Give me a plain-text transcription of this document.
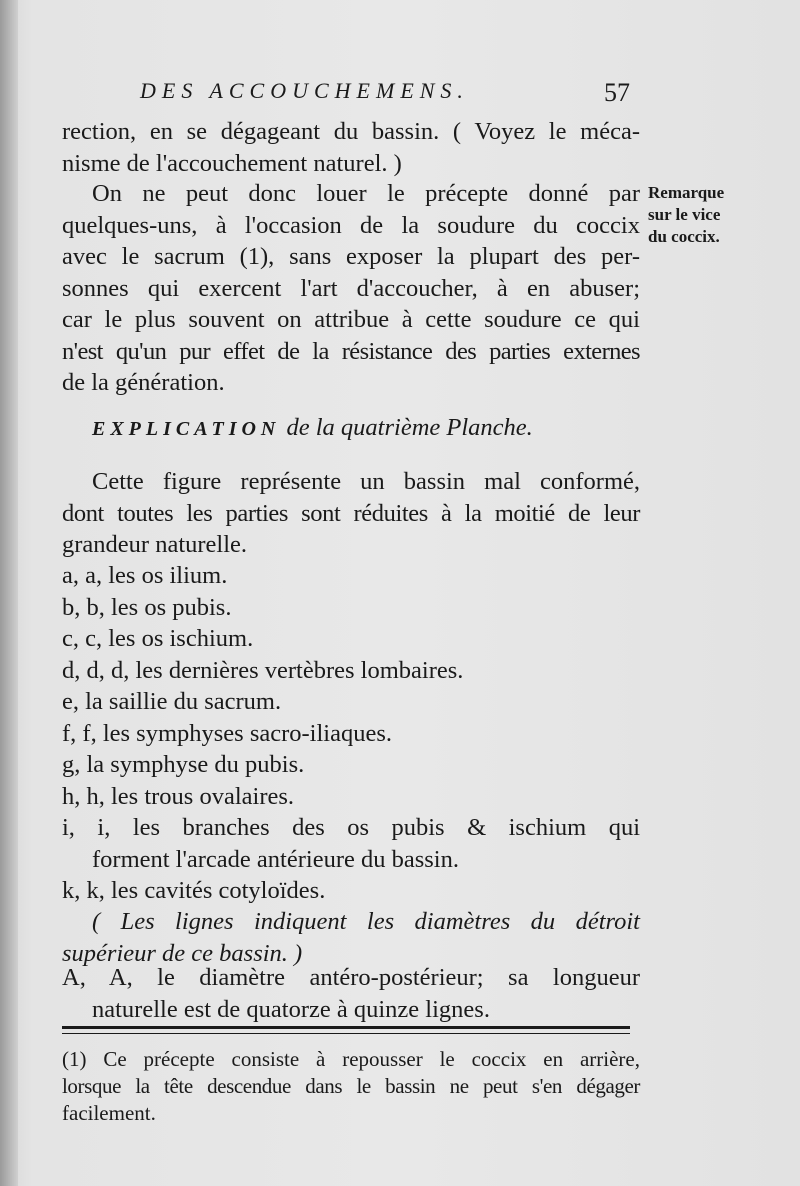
DES ACCOUCHEMENS.	57
Remarque
sur le vice
du coccix.
rection, en se dégageant du bassin. ( Voyez le méca-
nisme de l'accouchement naturel. )
On ne peut donc louer le précepte donné par
quelques-uns, à l'occasion de la soudure du coccix
avec le sacrum (1), sans exposer la plupart des per-
sonnes qui exercent l'art d'accoucher, à en abuser;
car le plus souvent on attribue à cette soudure ce qui
n'est qu'un pur effet de la résistance des parties externes
de la génération.
EXPLICATION de la quatrième Planche.
Cette figure représente un bassin mal conformé,
dont toutes les parties sont réduites à la moitié de leur
grandeur naturelle.
a, a, les os ilium.
b, b, les os pubis.
c, c, les os ischium.
d, d, d, les dernières vertèbres lombaires.
e, la saillie du sacrum.
f, f, les symphyses sacro-iliaques.
g, la symphyse du pubis.
h, h, les trous ovalaires.
i, i, les branches des os pubis & ischium qui
forment l'arcade antérieure du bassin.
k, k, les cavités cotyloïdes.
( Les lignes indiquent les diamètres du détroit
supérieur de ce bassin. )
A, A, le diamètre antéro-postérieur; sa longueur
naturelle est de quatorze à quinze lignes.
(1) Ce précepte consiste à repousser le coccix en arrière,
lorsque la tête descendue dans le bassin ne peut s'en dégager
facilement.
